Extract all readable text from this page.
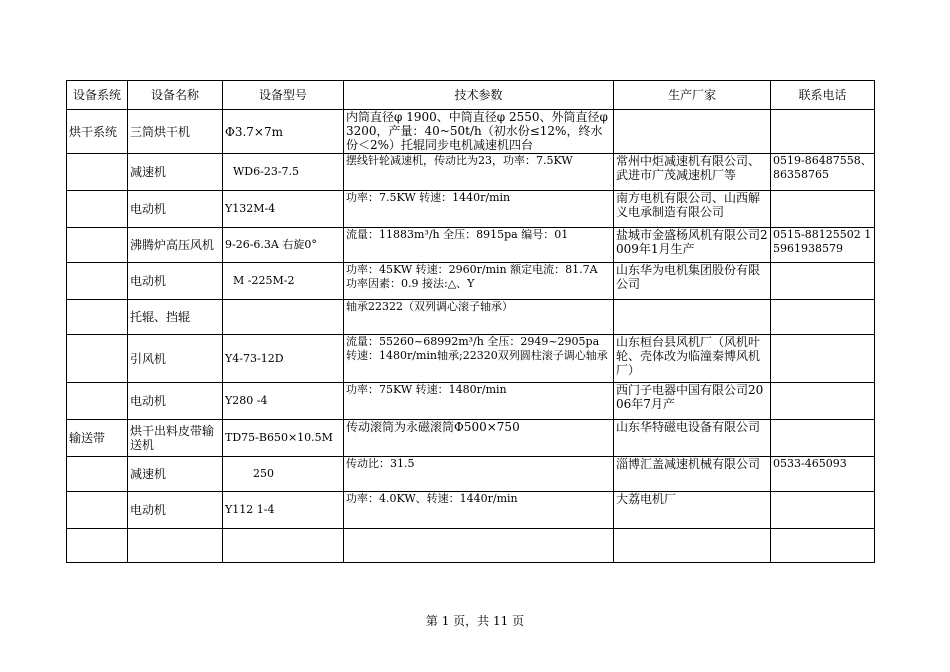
设备系统	设备名称	设备型号	技术参数	生产厂家	联系电话
烘干系统	三筒烘干机	Φ3.7×7m	内筒直径φ 1900、中筒直径φ 2550、外筒直径φ 3200，产量：40~50t/h（初水份≤12%，终水份＜2%）托辊同步电机减速机四台		
	减速机	WD6-23-7.5	摆线针轮减速机，传动比为23，功率：7.5KW	常州中炬减速机有限公司、武进市广茂减速机厂等	0519-86487558、86358765
	电动机	Y132M-4	功率：7.5KW 转速：1440r/min	南方电机有限公司、山西解义电承制造有限公司	
	沸腾炉高压风机	9-26-6.3A 右旋0°	流量：11883m³/h 全压：8915pa 编号：01	盐城市金盛杨风机有限公司2009年1月生产	0515-88125502 15961938579
	电动机	M -225M-2	功率：45KW 转速：2960r/min 额定电流：81.7A 功率因素：0.9 接法:△、Y	山东华为电机集团股份有限公司	
	托辊、挡辊		轴承22322（双列调心滚子轴承）		
	引风机	Y4-73-12D	流量：55260~68992m³/h 全压：2949~2905pa 转速：1480r/min轴承;22320双列圆柱滚子调心轴承	山东桓台县风机厂（风机叶轮、壳体改为临潼秦博风机厂）	
	电动机	Y280 -4	功率：75KW 转速：1480r/min	西门子电器中国有限公司2006年7月产	
输送带	烘干出料皮带输送机	TD75-B650×10.5M	传动滚筒为永磁滚筒Φ500×750	山东华特磁电设备有限公司	
	减速机	250	传动比：31.5	淄博汇盖减速机械有限公司	0533-465093
	电动机	Y112 1-4	功率：4.0KW、转速：1440r/min	大荔电机厂	

第 1 页，共 11 页
